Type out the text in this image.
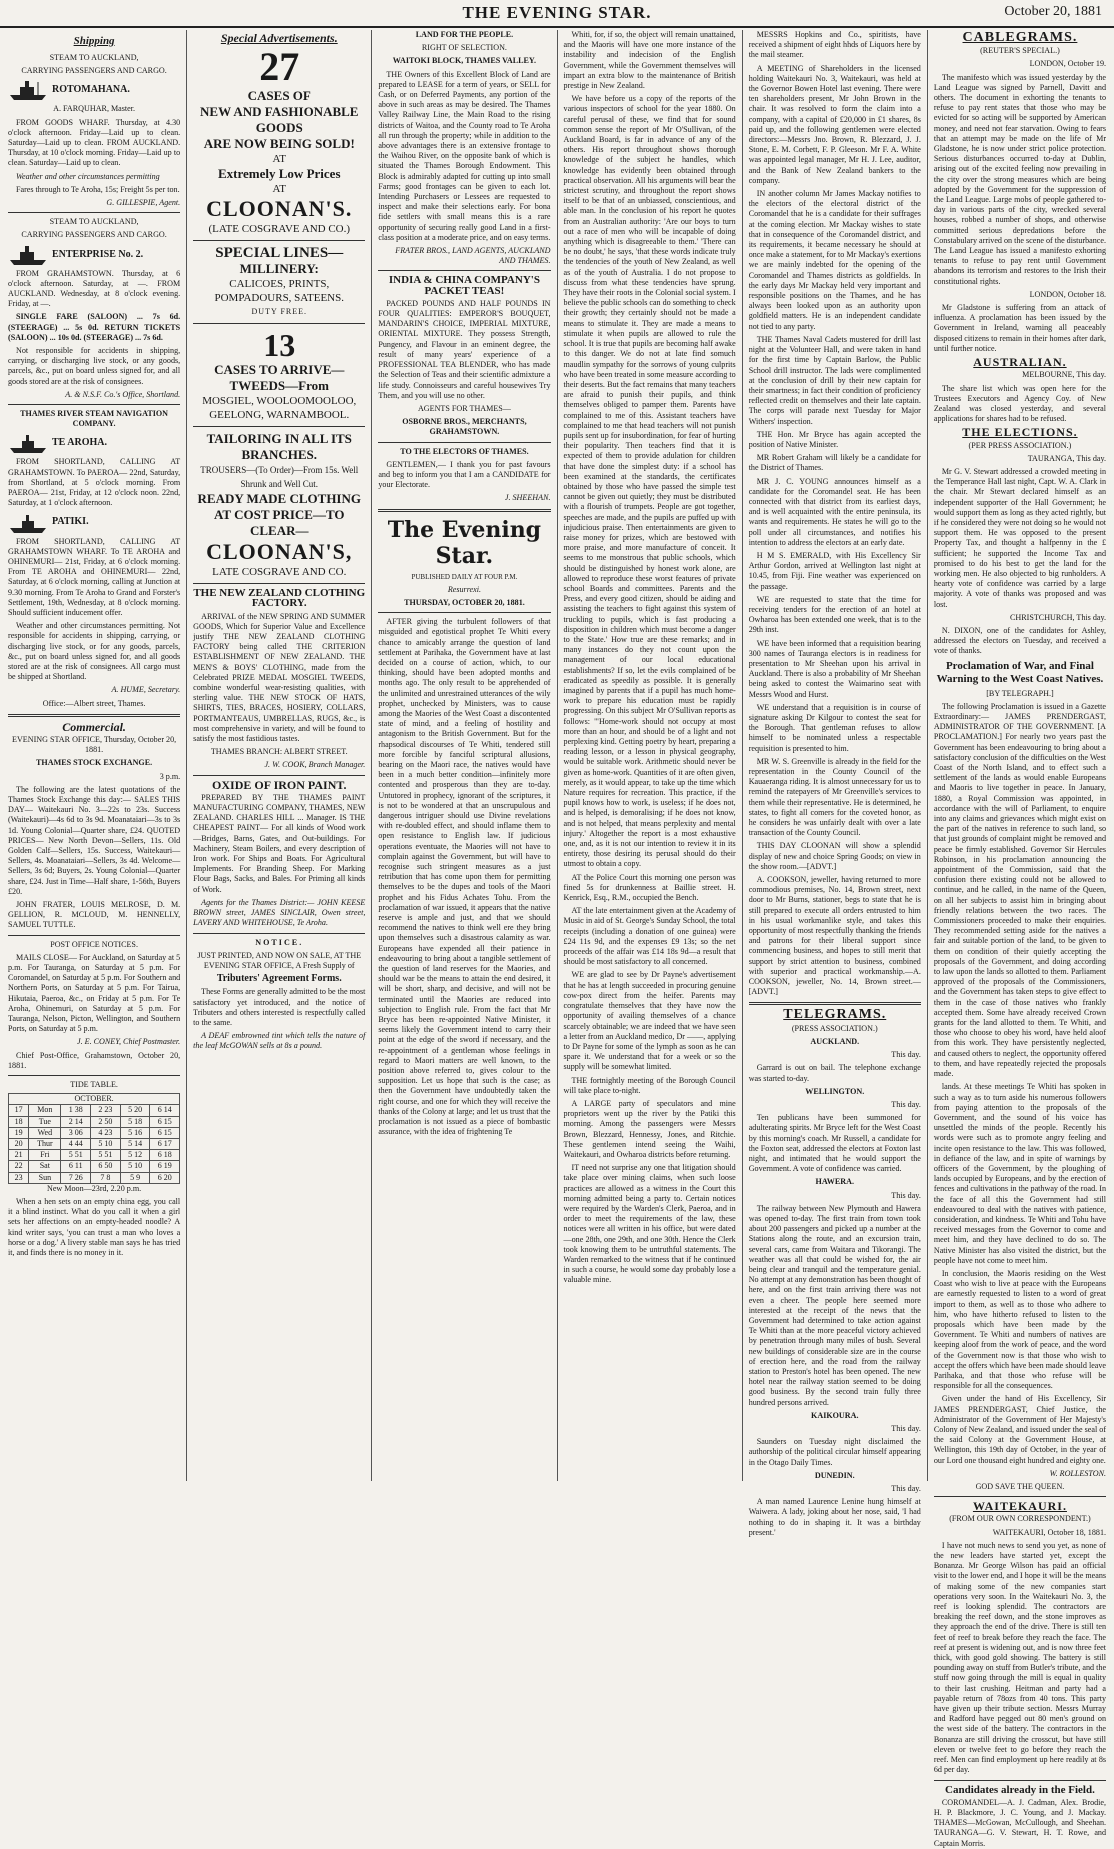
THE EVENING STAR.	October 20, 1881
Shipping

STEAM TO AUCKLAND,

CARRYING PASSENGERS AND CARGO.

ROTOMAHANA.

A. FARQUHAR, Master.

FROM GOODS WHARF. Thursday, at 4.30 o'clock afternoon. Friday—Laid up to clean. Saturday—Laid up to clean. FROM AUCKLAND. Thursday, at 10 o'clock morning. Friday—Laid up to clean. Saturday—Laid up to clean.

Weather and other circumstances permitting

Fares through to Te Aroha, 15s; Freight 5s per ton.

G. GILLESPIE, Agent.

STEAM TO AUCKLAND,

CARRYING PASSENGERS AND CARGO.

ENTERPRISE No. 2.

FROM GRAHAMSTOWN. Thursday, at 6 o'clock afternoon. Saturday, at —. FROM AUCKLAND. Wednesday, at 8 o'clock evening. Friday, at —.

SINGLE FARE (SALOON) ... 7s 6d. (STEERAGE) ... 5s 0d. RETURN TICKETS (SALOON) ... 10s 0d. (STEERAGE) ... 7s 6d.

Not responsible for accidents in shipping, carrying, or discharging live stock, or any goods, parcels, &c., put on board unless signed for, and all goods stored are at the risk of consignees.

A. & N.S.F. Co.'s Office, Shortland.

THAMES RIVER STEAM NAVIGATION COMPANY.

TE AROHA.

FROM SHORTLAND, CALLING AT GRAHAMSTOWN. To PAEROA— 22nd, Saturday, from Shortland, at 5 o'clock morning. From PAEROA— 21st, Friday, at 12 o'clock noon. 22nd, Saturday, at 1 o'clock afternoon.

PATIKI.

FROM SHORTLAND, CALLING AT GRAHAMSTOWN WHARF. To TE AROHA and OHINEMURI— 21st, Friday, at 6 o'clock morning. From TE AROHA and OHINEMURI— 22nd, Saturday, at 6 o'clock morning, calling at Junction at 9.30 morning. From Te Aroha to Grand and Forster's Settlement, 19th, Wednesday, at 8 o'clock morning. Should sufficient inducement offer.

Weather and other circumstances permitting. Not responsible for accidents in shipping, carrying, or discharging live stock, or for any goods, parcels, &c., put on board unless signed for, and all goods stored are at the risk of consignees. All cargo must be shipped at Shortland.

A. HUME, Secretary.

Office:—Albert street, Thames.

Commercial.

EVENING STAR OFFICE, Thursday, October 20, 1881.

THAMES STOCK EXCHANGE.

3 p.m.

The following are the latest quotations of the Thames Stock Exchange this day:— SALES THIS DAY— Waitekauri No. 3—22s to 23s. Success (Waitekauri)—4s 6d to 3s 9d. Moanataiari—3s to 3s 1d. Young Colonial—Quarter share, £24. QUOTED PRICES— New North Devon—Sellers, 11s. Old Golden Calf—Sellers, 15s. Success, Waitekauri—Sellers, 4s. Moanataiari—Sellers, 3s 4d. Welcome—Sellers, 3s 6d; Buyers, 2s. Young Colonial—Quarter share, £24. Just in Time—Half share, 1-56th, Buyers £20.

JOHN FRATER, LOUIS MELROSE, D. M. GELLION, R. MCLOUD, M. HENNELLY, SAMUEL TUTTLE.

POST OFFICE NOTICES.

MAILS CLOSE— For Auckland, on Saturday at 5 p.m. For Tauranga, on Saturday at 5 p.m. For Coromandel, on Saturday at 5 p.m. For Southern and Northern Ports, on Saturday at 5 p.m. For Tairua, Hikutaia, Paeroa, &c., on Friday at 5 p.m. For Te Aroha, Ohinemuri, on Saturday at 5 p.m. For Tauranga, Nelson, Picton, Wellington, and Southern Ports, on Saturday at 5 p.m.

J. E. CONEY, Chief Postmaster.

Chief Post-Office, Grahamstown, October 20, 1881.

TIDE TABLE.

OCTOBER.					
17	Mon	1 38	2 23	5 20	6 14
18	Tue	2 14	2 50	5 18	6 15
19	Wed	3 06	4 23	5 16	6 15
20	Thur	4 44	5 10	5 14	6 17
21	Fri	5 51	5 51	5 12	6 18
22	Sat	6 11	6 50	5 10	6 19
23	Sun	7 26	7 8	5 9	6 20

New Moon—23rd, 2.20 p.m.

When a hen sets on an empty china egg, you call it a blind instinct. What do you call it when a girl sets her affections on an empty-headed noodle? A kind writer says, 'you can trust a man who loves a horse or a dog.' A livery stable man says he has tried it, and finds there is no money in it.

Special Advertisements.
27
CASES OF
NEW AND FASHIONABLE GOODS
ARE NOW BEING SOLD!
AT
Extremely Low Prices
AT
CLOONAN'S.
(LATE COSGRAVE AND CO.)
SPECIAL LINES—
MILLINERY:
CALICOES, PRINTS, POMPADOURS, SATEENS.
DUTY FREE.
13
CASES TO ARRIVE—
TWEEDS—From
MOSGIEL, WOOLOOMOOLOO, GEELONG, WARNAMBOOL.
TAILORING IN ALL ITS BRANCHES.
TROUSERS—(To Order)—From 15s. Well Shrunk and Well Cut.
READY MADE CLOTHING AT COST PRICE—TO CLEAR—
CLOONAN'S,
LATE COSGRAVE AND CO.

THE NEW ZEALAND CLOTHING FACTORY.

ARRIVAL of the NEW SPRING AND SUMMER GOODS, Which for Superior Value and Excellence justify THE NEW ZEALAND CLOTHING FACTORY being called THE CRITERION ESTABLISHMENT OF NEW ZEALAND. THE MEN'S & BOYS' CLOTHING, made from the Celebrated PRIZE MEDAL MOSGIEL TWEEDS, combine wonderful wear-resisting qualities, with sterling value. THE NEW STOCK OF HATS, SHIRTS, TIES, BRACES, HOSIERY, COLLARS, PORTMANTEAUS, UMBRELLAS, RUGS, &c., is most comprehensive in variety, and will be found to satisfy the most fastidious tastes.

THAMES BRANCH: ALBERT STREET.

J. W. COOK, Branch Manager.

OXIDE OF IRON PAINT.

PREPARED BY THE THAMES PAINT MANUFACTURING COMPANY, THAMES, NEW ZEALAND. CHARLES HILL ... Manager. IS THE CHEAPEST PAINT— For all kinds of Wood work—Bridges, Barns, Gates, and Out-buildings. For Machinery, Steam Boilers, and every description of Iron work. For Ships and Boats. For Agricultural Implements. For Branding Sheep. For Marking Flour Bags, Sacks, and Bales. For Priming all kinds of Work.

Agents for the Thames District:— JOHN KEESE BROWN street, JAMES SINCLAIR, Owen street, LAVERY AND WHITEHOUSE, Te Aroha.

NOTICE.

JUST PRINTED, AND NOW ON SALE, AT THE EVENING STAR OFFICE, A Fresh Supply of

Tributers' Agreement Forms.

These Forms are generally admitted to be the most satisfactory yet introduced, and the notice of Tributers and others interested is respectfully called to the same.

A DEAF embrowned tint which tells the nature of the leaf McGOWAN sells at 8s a pound.

LAND FOR THE PEOPLE.

RIGHT OF SELECTION.

WAITOKI BLOCK, THAMES VALLEY.

THE Owners of this Excellent Block of Land are prepared to LEASE for a term of years, or SELL for Cash, or on Deferred Payments, any portion of the above in such areas as may be desired. The Thames Valley Railway Line, the Main Road to the rising districts of Waitoa, and the County road to Te Aroha all run through the property; while in addition to the above advantages there is an extensive frontage to the Waihou River, on the opposite bank of which is situated the Thames Borough Endowment. This Block is admirably adapted for cutting up into small Farms; good frontages can be given to each lot. Intending Purchasers or Lessees are requested to inspect and make their selections early. For bona fide settlers with small means this is a rare opportunity of securing really good Land in a first-class position at a moderate price, and on easy terms.

FRATER BROS., LAND AGENTS, AUCKLAND AND THAMES.

INDIA & CHINA COMPANY'S PACKET TEAS!

PACKED POUNDS AND HALF POUNDS IN FOUR QUALITIES: EMPEROR'S BOUQUET, MANDARIN'S CHOICE, IMPERIAL MIXTURE, ORIENTAL MIXTURE. They possess Strength, Pungency, and Flavour in an eminent degree, the result of many years' experience of a PROFESSIONAL TEA BLENDER, who has made the Selection of Teas and their scientific admixture a life study. Connoisseurs and careful housewives Try Them, and you will use no other.

AGENTS FOR THAMES—

OSBORNE BROS., MERCHANTS, GRAHAMSTOWN.

TO THE ELECTORS OF THAMES.

GENTLEMEN,— I thank you for past favours and beg to inform you that I am a CANDIDATE for your Electorate.

J. SHEEHAN.

The Evening Star.

PUBLISHED DAILY AT FOUR P.M.

Resurrexi.

THURSDAY, OCTOBER 20, 1881.

AFTER giving the turbulent followers of that misguided and egotistical prophet Te Whiti every chance to amicably arrange the question of land settlement at Parihaka, the Government have at last decided on a course of action, which, to our thinking, should have been adopted months and months ago. The only result to be apprehended of the unlimited and unrestrained utterances of the wily prophet, unchecked by Ministers, was to cause among the Maories of the West Coast a discontented state of mind, and a feeling of hostility and antagonism to the British Government. But for the rhapsodical discourses of Te Whiti, tendered still more forcible by fanciful scriptural allusions, bearing on the Maori race, the natives would have been in a much better condition—infinitely more contented and prosperous than they are to-day. Untutored in prophecy, ignorant of the scriptures, it is not to be wondered at that an unscrupulous and dangerous intriguer should use Divine revelations with re-doubled effect, and should inflame them to open resistance to English law. If judicious operations eventuate, the Maories will not have to complain against the Government, but will have to recognise such stringent measures as a just retribution that has come upon them for permitting themselves to be the dupes and tools of the Maori prophet and his Fidus Achates Tohu. From the proclamation of war issued, it appears that the native reserve is ample and just, and that we should recommend the natives to think well ere they bring upon themselves such a disastrous calamity as war. Europeans have expended all their patience in endeavouring to bring about a tangible settlement of the question of land reserves for the Maories, and should war be the means to attain the end desired, it will be short, sharp, and decisive, and will not be terminated until the Maories are reduced into subjection to English rule. From the fact that Mr Bryce has been re-appointed Native Minister, it seems likely the Government intend to carry their point at the edge of the sword if necessary, and the re-appointment of a gentleman whose feelings in regard to Maori matters are well known, to the position above referred to, gives colour to the supposition. Let us hope that such is the case; as then the Government have undoubtedly taken the right course, and one for which they will receive the thanks of the Colony at large; and let us trust that the proclamation is not issued as a piece of bombastic assurance, with the idea of frightening Te

Whiti, for, if so, the object will remain unattained, and the Maoris will have one more instance of the instability and indecision of the English Government, while the Government themselves will impart an extra blow to the maintenance of British prestige in New Zealand.

We have before us a copy of the reports of the various inspectors of school for the year 1880. On careful perusal of these, we find that for sound common sense the report of Mr O'Sullivan, of the Auckland Board, is far in advance of any of the others. His report throughout shows thorough knowledge of the subject he handles, which knowledge has evidently been obtained through practical observation. All his arguments will bear the strictest scrutiny, and throughout the report shows itself to be that of an unbiassed, conscientious, and able man. In the conclusion of his report he quotes from an Australian authority: 'Are our boys to turn out a race of men who will be incapable of doing anything which is disagreeable to them.' 'There can be no doubt,' he says, 'that these words indicate truly the tendencies of the youth of New Zealand, as well as of the youth of Australia. I do not propose to discuss from what these tendencies have sprung. They have their roots in the Colonial social system. I believe the public schools can do something to check their growth; they certainly should not be made a means to stimulate it. They are made a means to stimulate it when pupils are allowed to rule the school. It is true that pupils are becoming half awake to this danger. We do not at late find somuch maudlin sympathy for the sorrows of young culprits who have been treated in some measure according to their deserts. But the fact remains that many teachers are afraid to punish their pupils, and think themselves obliged to pamper them. Parents have complained to me of this. Assistant teachers have complained to me that head teachers will not punish pupils sent up for insubordination, for fear of hurting their popularity. Then teachers find that it is expected of them to provide adulation for children that have done the simplest duty: if a school has been examined at the standards, the certificates obtained by those who have passed the simple test cannot be given out quietly; they must be distributed with a flourish of trumpets. People are got together, speeches are made, and the pupils are puffed up with injudicious praise. Then entertainments are given to raise money for prizes, which are bestowed with more praise, and more manufacture of conceit. It seems to me monstrous that public schools, which should be distinguished by honest work alone, are allowed to reproduce these worst features of private school Boards and committees. Parents and the Press, and every good citizen, should be aiding and assisting the teachers to fight against this system of truckling to pupils, which is fast producing a disposition in children which must become a danger to the State.' How true are these remarks; and in many instances do they not count upon the management of our local educational establishments? If so, let the evils complained of be eradicated as speedily as possible. It is generally imagined by parents that if a pupil has much home-work to prepare his education must be rapidly progressing. On this subject Mr O'Sullivan reports as follows: '"Home-work should not occupy at most more than an hour, and should be of a light and not perplexing kind. Getting poetry by heart, preparing a reading lesson, or a lesson in physical geography, would be suitable work. Arithmetic should never be given as home-work. Quantities of it are often given, merely, as it would appear, to take up the time which Nature requires for recreation. This practice, if the pupil knows how to work, is useless; if he does not, and is helped, is demoralising; if he does not know, and is not helped, that means perplexity and mental injury.' Altogether the report is a most exhaustive one, and, as it is not our intention to review it in its entirety, those desiring its perusal should do their utmost to obtain a copy.

AT the Police Court this morning one person was fined 5s for drunkenness at Baillie street. H. Kenrick, Esq., R.M., occupied the Bench.

AT the late entertainment given at the Academy of Music in aid of St. George's Sunday School, the total receipts (including a donation of one guinea) were £24 11s 9d, and the expenses £9 13s; so the net proceeds of the affair was £14 18s 9d—a result that should be most satisfactory to all concerned.

WE are glad to see by Dr Payne's advertisement that he has at length succeeded in procuring genuine cow-pox direct from the heifer. Parents may congratulate themselves that they have now the opportunity of availing themselves of a chance scarcely obtainable; we are indeed that we have seen a letter from an Auckland medico, Dr ——, applying to Dr Payne for some of the lymph as soon as he can spare it. We understand that for a week or so the supply will be somewhat limited.

THE fortnightly meeting of the Borough Council will take place to-night.

A LARGE party of speculators and mine proprietors went up the river by the Patiki this morning. Among the passengers were Messrs Brown, Blezzard, Hennessy, Jones, and Ritchie. These gentlemen intend seeing the Waihi, Waitekauri, and Owharoa districts before returning.

IT need not surprise any one that litigation should take place over mining claims, when such loose practices are allowed as a witness in the Court this morning admitted being a party to. Certain notices were required by the Warden's Clerk, Paeroa, and in order to meet the requirements of the law, these notices were all written in his office, but were dated—one 28th, one 29th, and one 30th. Hence the Clerk took knowing them to be untruthful statements. The Warden remarked to the witness that if he continued in such a course, he would some day probably lose a valuable mine.

MESSRS Hopkins and Co., spiritists, have received a shipment of eight hhds of Liquors here by the mail steamer.

A MEETING of Shareholders in the licensed holding Waitekauri No. 3, Waitekauri, was held at the Governor Bowen Hotel last evening. There were ten shareholders present, Mr John Brown in the chair. It was resolved to form the claim into a company, with a capital of £20,000 in £1 shares, 8s paid up, and the following gentlemen were elected directors:—Messrs Jno. Brown, R. Blezzard, J. J. Stone, E. M. Corbett, F. P. Gleeson. Mr F. A. White was appointed legal manager, Mr H. J. Lee, auditor, and the Bank of New Zealand bankers to the company.

IN another column Mr James Mackay notifies to the electors of the electoral district of the Coromandel that he is a candidate for their suffrages at the coming election. Mr Mackay wishes to state that in consequence of the Coromandel district, and its requirements, it became necessary he should at once make a statement, for to Mr Mackay's exertions we are mainly indebted for the opening of the Coromandel and Thames districts as goldfields. In the early days Mr Mackay held very important and responsible positions on the Thames, and he has always been looked upon as an authority upon goldfield matters. He is an independent candidate not tied to any party.

THE Thames Naval Cadets mustered for drill last night at the Volunteer Hall, and were taken in hand for the first time by Captain Barlow, the Public School drill instructor. The lads were complimented at the conclusion of drill by their new captain for their smartness; in fact their condition of proficiency reflected credit on themselves and their late captain. The corps will parade next Tuesday for Major Withers' inspection.

THE Hon. Mr Bryce has again accepted the position of Native Minister.

MR Robert Graham will likely be a candidate for the District of Thames.

MR J. C. YOUNG announces himself as a candidate for the Coromandel seat. He has been connected with that district from its earliest days, and is well acquainted with the entire peninsula, its wants and requirements. He states he will go to the poll under all circumstances, and notifies his intention to address the electors at an early date.

H M S. EMERALD, with His Excellency Sir Arthur Gordon, arrived at Wellington last night at 10.45, from Fiji. Fine weather was experienced on the passage.

WE are requested to state that the time for receiving tenders for the erection of an hotel at Owharoa has been extended one week, that is to the 29th inst.

WE have been informed that a requisition bearing 300 names of Tauranga electors is in readiness for presentation to Mr Sheehan upon his arrival in Auckland. There is also a probability of Mr Sheehan being asked to contest the Waimarino seat with Messrs Wood and Hurst.

WE understand that a requisition is in course of signature asking Dr Kilgour to contest the seat for the Borough. That gentleman refuses to allow himself to be nominated unless a respectable requisition is presented to him.

MR W. S. Greenville is already in the field for the representation in the County Council of the Kauaeranga riding. It is almost unnecessary for us to remind the ratepayers of Mr Greenville's services to them while their representative. He is determined, he states, to fight all comers for the coveted honor, as he considers he was unfairly dealt with over a late transaction of the County Council.

THIS DAY CLOONAN will show a splendid display of new and choice Spring Goods; on view in the show room.—[ADVT.]

A. COOKSON, jeweller, having returned to more commodious premises, No. 14, Brown street, next door to Mr Burns, stationer, begs to state that he is still prepared to execute all orders entrusted to him in his usual workmanlike style, and takes this opportunity of most respectfully thanking the friends and patrons for their liberal support since commencing business, and hopes to still merit that support by strict attention to business, combined with superior and practical workmanship.—A. COOKSON, jeweller, No. 14, Brown street.—[ADVT.]

TELEGRAMS.

(PRESS ASSOCIATION.)

AUCKLAND.

This day.

Garrard is out on bail. The telephone exchange was started to-day.

WELLINGTON.

This day.

Ten publicans have been summoned for adulterating spirits. Mr Bryce left for the West Coast by this morning's coach. Mr Russell, a candidate for the Foxton seat, addressed the electors at Foxton last night, and intimated that he would support the Government. A vote of confidence was carried.

HAWERA.

This day.

The railway between New Plymouth and Hawera was opened to-day. The first train from town took about 200 passengers and picked up a number at the Stations along the route, and an excursion train, several cars, came from Waitara and Tikorangi. The weather was all that could be wished for, the air being clear and tranquil and the temperature genial. No attempt at any demonstration has been thought of here, and on the first train arriving there was not even a cheer. The people here seemed more interested at the receipt of the news that the Government had determined to take action against Te Whiti than at the more peaceful victory achieved by penetration through many miles of bush. Several new buildings of considerable size are in the course of erection here, and the road from the railway station to Preston's hotel has been opened. The new hotel near the railway station seemed to be doing good business. By the second train fully three hundred persons arrived.

KAIKOURA.

This day.

Saunders on Tuesday night disclaimed the authorship of the political circular himself appearing in the Otago Daily Times.

DUNEDIN.

This day.

A man named Laurence Lenine hung himself at Waiwera. A lady, joking about her nose, said, 'I had nothing to do in shaping it. It was a birthday present.'

CABLEGRAMS.

(REUTER'S SPECIAL.)

LONDON, October 19.

The manifesto which was issued yesterday by the Land League was signed by Parnell, Davitt and others. The document in exhorting the tenants to refuse to pay rent states that those who may be evicted for so acting will be supported by American money, and need not fear starvation. Owing to fears that an attempt may be made on the life of Mr Gladstone, he is now under strict police protection. Serious disturbances occurred to-day at Dublin, arising out of the excited feeling now prevailing in the city over the strong measures which are being adopted by the Government for the suppression of the Land League. Large mobs of people gathered to-day in various parts of the city, wrecked several houses, robbed a number of shops, and otherwise committed serious depredations before the Constabulary arrived on the scene of the disturbance. The Land League has issued a manifesto exhorting tenants to refuse to pay rent until Government abandons its terrorism and restores to the Irish their constitutional rights.

LONDON, October 18.

Mr Gladstone is suffering from an attack of influenza. A proclamation has been issued by the Government in Ireland, warning all peaceably disposed citizens to remain in their homes after dark, until further notice.

AUSTRALIAN.

MELBOURNE, This day.

The share list which was open here for the Trustees Executors and Agency Coy. of New Zealand was closed yesterday, and several applications for shares had to be refused.

THE ELECTIONS.

(PER PRESS ASSOCIATION.)

TAURANGA, This day.

Mr G. V. Stewart addressed a crowded meeting in the Temperance Hall last night, Capt. W. A. Clark in the chair. Mr Stewart declared himself as an independent supporter of the Hall Government; he would support them as long as they acted rightly, but if he considered they were not doing so he would not support them. He was opposed to the present Property Tax, and thought a halfpenny in the £ sufficient; he supported the Income Tax and promised to do his best to get the land for the working men. He also objected to big runholders. A hearty vote of confidence was carried by a large majority. A vote of thanks was proposed and was lost.

CHRISTCHURCH, This day.

N. DIXON, one of the candidates for Ashley, addressed the electors on Tuesday, and received a vote of thanks.

Proclamation of War, and Final Warning to the West Coast Natives.

[BY TELEGRAPH.]

The following Proclamation is issued in a Gazette Extraordinary:— JAMES PRENDERGAST, ADMINISTRATOR OF THE GOVERNMENT. [A PROCLAMATION.] For nearly two years past the Government has been endeavouring to bring about a satisfactory conclusion of the difficulties on the West Coast of the North Island, and to effect such a settlement of the lands as would enable Europeans and Maoris to live together in peace. In January, 1880, a Royal Commission was appointed, in accordance with the will of Parliament, to enquire into any claims and grievances which might exist on the part of the natives in reference to such land, so that just grounds of complaint might be removed and peace be firmly established. Governor Sir Hercules Robinson, in his proclamation announcing the appointment of the Commission, said that the confusion there existing could not be allowed to continue, and he called, in the name of the Queen, on all her subjects to assist him in bringing about friendly relations between the two races. The Commissioners proceeded to make their enquiries. They recommended setting aside for the natives a fair and suitable portion of the land, to be given to them on condition of their quietly accepting the proposals of the Government, and doing according to law upon the lands so allotted to them. Parliament approved of the proposals of the Commissioners, and the Government has taken steps to give effect to them in the case of those natives who frankly accepted them. Some have already received Crown grants for the land allotted to them. Te Whiti, and those who choose to obey his word, have held aloof from this work. They have persistently neglected, and caused others to neglect, the opportunity offered to them, and have repeatedly rejected the proposals made.

lands. At these meetings Te Whiti has spoken in such a way as to turn aside his numerous followers from paying attention to the proposals of the Government, and the sound of his voice has unsettled the minds of the people. Recently his words were such as to promote angry feeling and incite open resistance to the law. This was followed, in defiance of the law, and in spite of warnings by officers of the Government, by the ploughing of lands occupied by Europeans, and by the erection of fences and cultivations in the pathway of the road. In the face of all this the Government had still endeavoured to deal with the natives with patience, consideration, and kindness. Te Whiti and Tohu have received messages from the Governor to come and meet him, and they have declined to do so. The Native Minister has also visited the district, but the people have not come to meet him.

In conclusion, the Maoris residing on the West Coast who wish to live at peace with the Europeans are earnestly requested to listen to a word of great import to them, as well as to those who adhere to him, who have hitherto refused to listen to the proposals which have been made by the Government. Te Whiti and numbers of natives are keeping aloof from the work of peace, and the word of the Government now is that those who wish to accept the offers which have been made should leave Parihaka, and that those who refuse will be responsible for all the consequences.

Given under the hand of His Excellency, Sir JAMES PRENDERGAST, Chief Justice, the Administrator of the Government of Her Majesty's Colony of New Zealand, and issued under the seal of the said Colony at the Government House, at Wellington, this 19th day of October, in the year of our Lord one thousand eight hundred and eighty one.

W. ROLLESTON.

GOD SAVE THE QUEEN.

WAITEKAURI.

(FROM OUR OWN CORRESPONDENT.)

WAITEKAURI, October 18, 1881.

I have not much news to send you yet, as none of the new leaders have started yet, except the Bonanza. Mr George Wilson has paid an official visit to the lower end, and I hope it will be the means of making some of the new companies start operations very soon. In the Waitekauri No. 3, the reef is looking splendid. The contractors are breaking the reef down, and the stone improves as they approach the end of the drive. There is still ten feet of reef to break before they reach the face. The reef at present is widening out, and is now three feet thick, with good gold showing. The battery is still pounding away on stuff from Butler's tribute, and the stuff now going through the mill is equal in quality to their last crushing. Heitman and party had a payable return of 78ozs from 40 tons. This party have given up their tribute section. Messrs Murray and Radford have pegged out 80 men's ground on the west side of the battery. The contractors in the Bonanza are still driving the crosscut, but have still eleven or twelve feet to go before they reach the reef. Men can find employment up here readily at 8s 6d per day.

Candidates already in the Field.

COROMANDEL—A. J. Cadman, Alex. Brodie, H. P. Blackmore, J. C. Young, and J. Mackay. THAMES—McGowan, McCullough, and Sheehan. TAURANGA—G. V. Stewart, H. T. Rowe, and Captain Morris.
